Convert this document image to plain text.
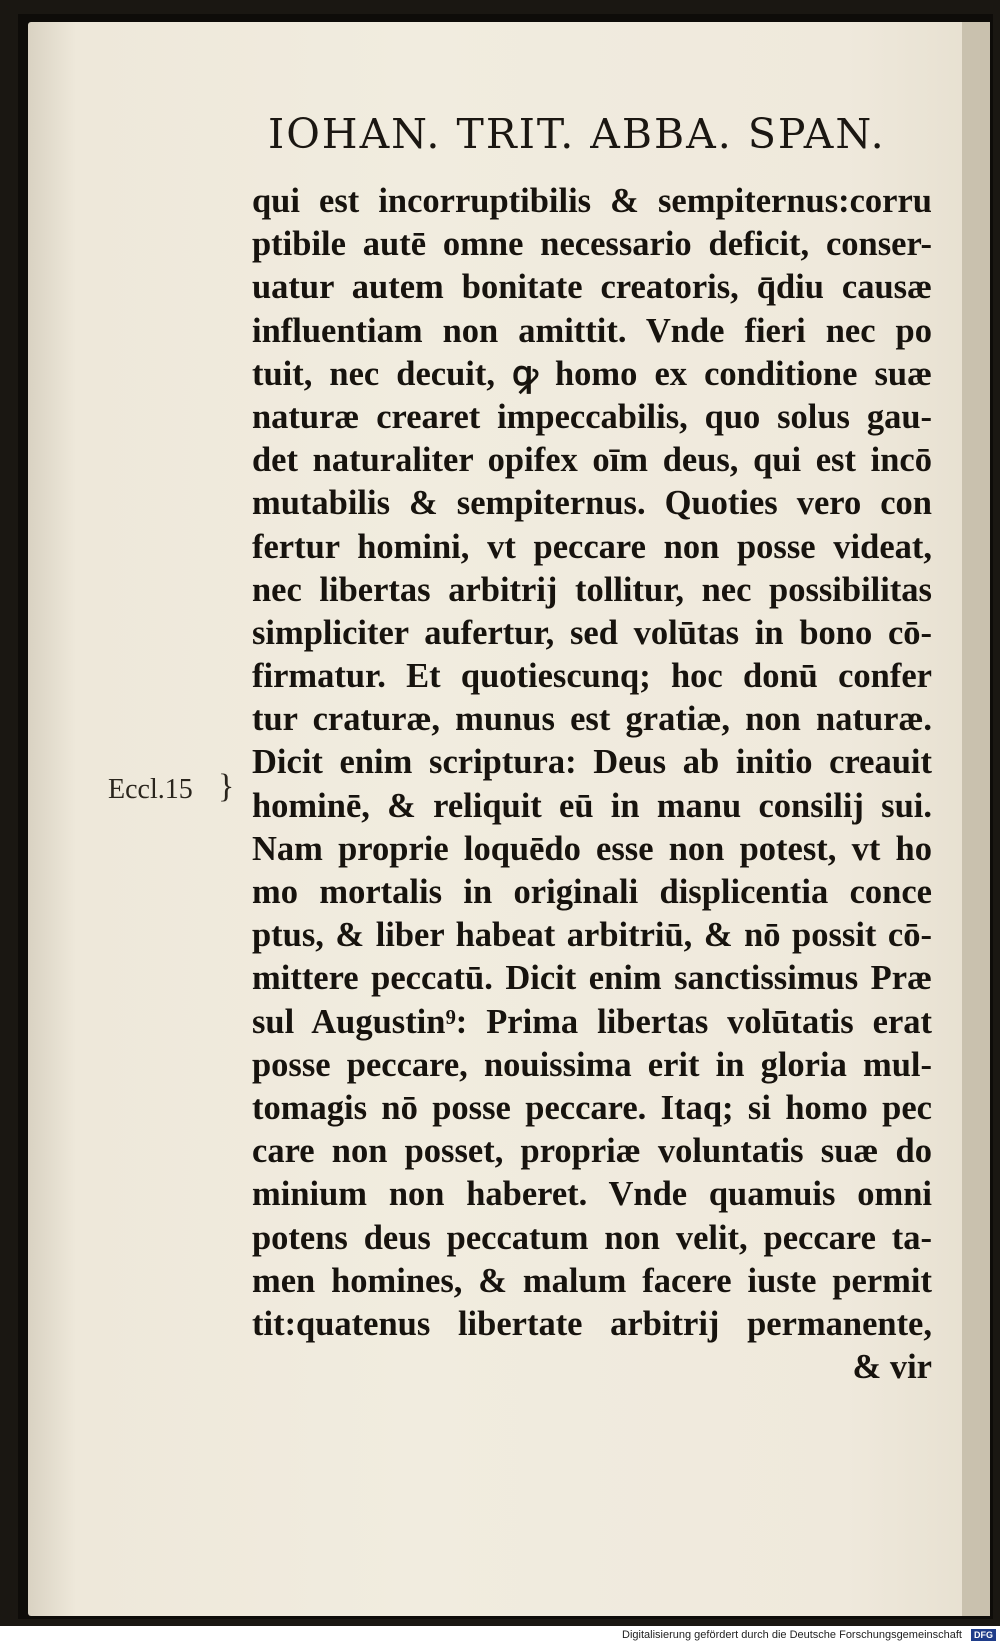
IOHAN. TRIT. ABBA. SPAN.
Eccl.15 }
qui est incorruptibilis & sempiternus:corru
ptibile autē omne necessario deficit, conser-
uatur autem bonitate creatoris, q̄diu causæ
influentiam non amittit. Vnde fieri nec po
tuit, nec decuit, ꝙ homo ex conditione suæ
naturæ crearet impeccabilis, quo solus gau-
det naturaliter opifex oīm deus, qui est incō
mutabilis & sempiternus. Quoties vero con
fertur homini, vt peccare non posse videat,
nec libertas arbitrij tollitur, nec possibilitas
simpliciter aufertur, sed volūtas in bono cō-
firmatur. Et quotiescunq; hoc donū confer
tur craturæ, munus est gratiæ, non naturæ.
Dicit enim scriptura: Deus ab initio creauit
hominē, & reliquit eū in manu consilij sui.
Nam proprie loquēdo esse non potest, vt ho
mo mortalis in originali displicentia conce
ptus, & liber habeat arbitriū, & nō possit cō-
mittere peccatū. Dicit enim sanctissimus Præ
sul Augustin⁹: Prima libertas volūtatis erat
posse peccare, nouissima erit in gloria mul-
tomagis nō posse peccare. Itaq; si homo pec
care non posset, propriæ voluntatis suæ do
minium non haberet. Vnde quamuis omni
potens deus peccatum non velit, peccare ta-
men homines, & malum facere iuste permit
tit:quatenus libertate arbitrij permanente,
& vir
Digitalisierung gefördert durch die Deutsche Forschungsgemeinschaft	DFG
